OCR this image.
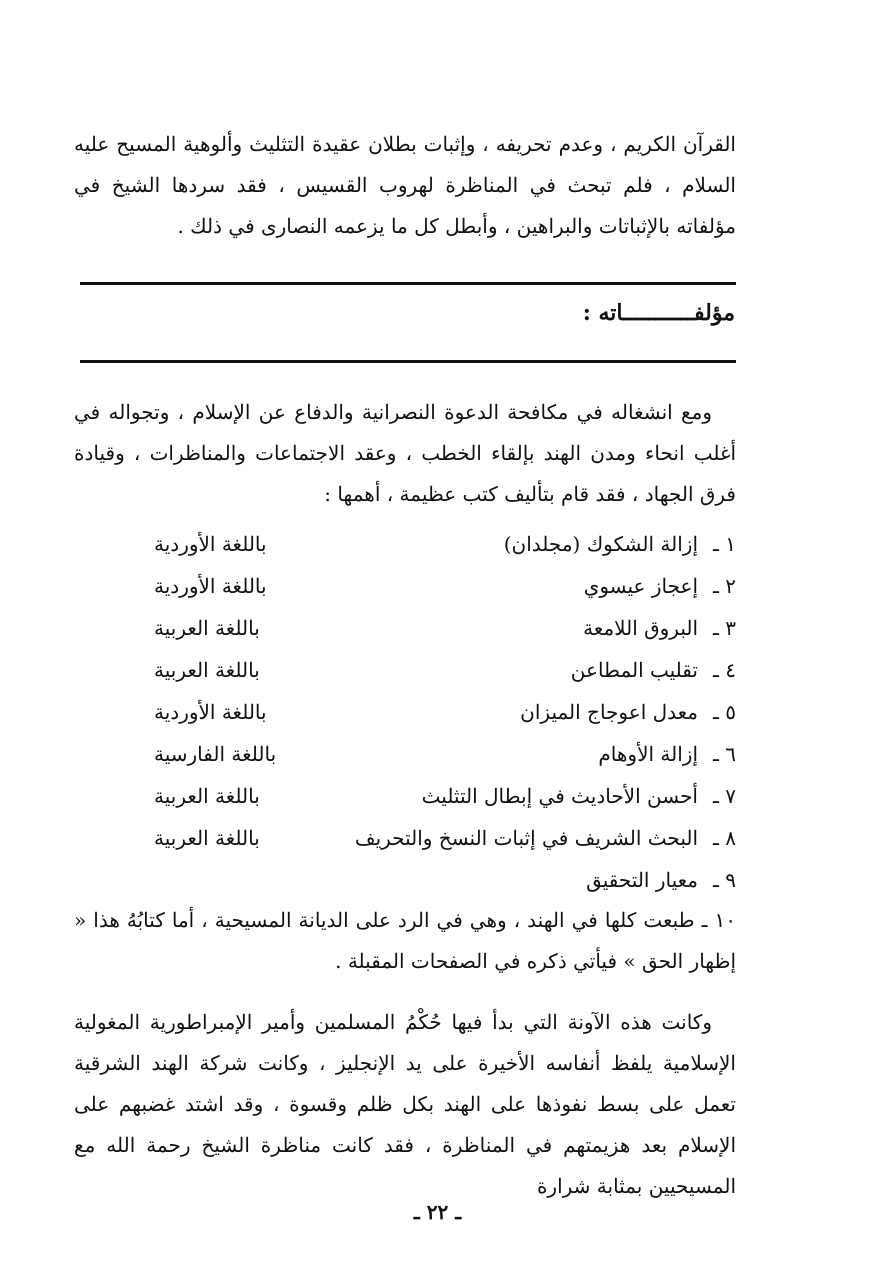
القرآن الكريم ، وعدم تحريفه ، وإثبات بطلان عقيدة التثليث وألوهية المسيح عليه السلام ، فلم تبحث في المناظرة لهروب القسيس ، فقد سردها الشيخ في مؤلفاته بالإثباتات والبراهين ، وأبطل كل ما يزعمه النصارى في ذلك .

مؤلفـــــــــــاته :

ومع انشغاله في مكافحة الدعوة النصرانية والدفاع عن الإسلام ، وتجواله في أغلب انحاء ومدن الهند بإلقاء الخطب ، وعقد الاجتماعات والمناظرات ، وقيادة فرق الجهاد ، فقد قام بتأليف كتب عظيمة ، أهمها :

١ ـ
إزالة الشكوك (مجلدان)
باللغة الأوردية
٢ ـ
إعجاز عيسوي
باللغة الأوردية
٣ ـ
البروق اللامعة
باللغة العربية
٤ ـ
تقليب المطاعن
باللغة العربية
٥ ـ
معدل اعوجاج الميزان
باللغة الأوردية
٦ ـ
إزالة الأوهام
باللغة الفارسية
٧ ـ
أحسن الأحاديث في إبطال التثليث
باللغة العربية
٨ ـ
البحث الشريف في إثبات النسخ والتحريف
باللغة العربية
٩ ـ
معيار التحقيق

١٠ ـ طبعت كلها في الهند ، وهي في الرد على الديانة المسيحية ، أما كتابُهُ هذا « إظهار الحق » فيأتي ذكره في الصفحات المقبلة .

وكانت هذه الآونة التي بدأ فيها حُكْمُ المسلمين وأمير الإمبراطورية المغولية الإسلامية يلفظ أنفاسه الأخيرة على يد الإنجليز ، وكانت شركة الهند الشرقية تعمل على بسط نفوذها على الهند بكل ظلم وقسوة ، وقد اشتد غضبهم على الإسلام بعد هزيمتهم في المناظرة ، فقد كانت مناظرة الشيخ رحمة الله مع المسيحيين بمثابة شرارة

ـ ٢٢ ـ
